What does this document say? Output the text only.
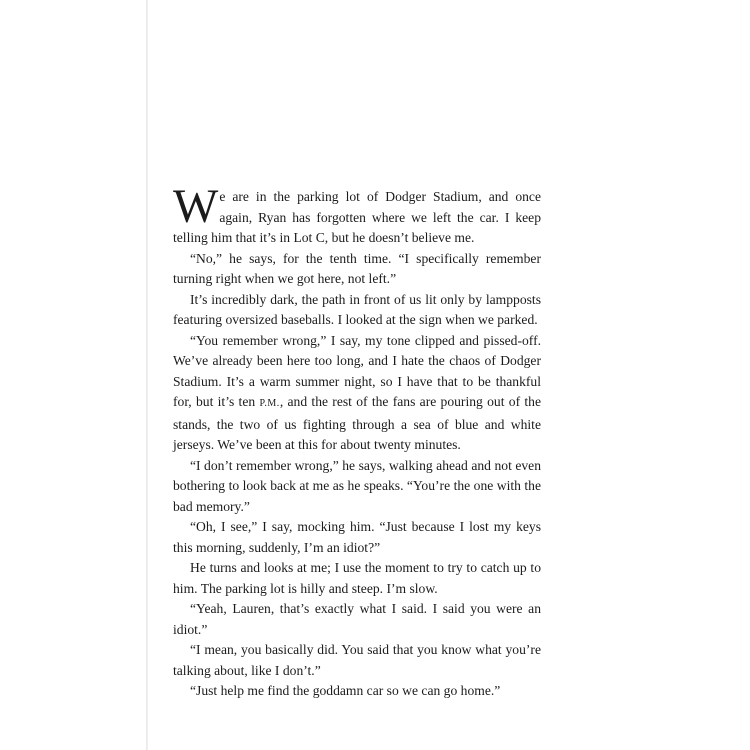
We are in the parking lot of Dodger Stadium, and once again, Ryan has forgotten where we left the car. I keep telling him that it’s in Lot C, but he doesn’t believe me.

“No,” he says, for the tenth time. “I specifically remember turning right when we got here, not left.”

It’s incredibly dark, the path in front of us lit only by lampposts featuring oversized baseballs. I looked at the sign when we parked.

“You remember wrong,” I say, my tone clipped and pissed-off. We’ve already been here too long, and I hate the chaos of Dodger Stadium. It’s a warm summer night, so I have that to be thankful for, but it’s ten P.M., and the rest of the fans are pouring out of the stands, the two of us fighting through a sea of blue and white jerseys. We’ve been at this for about twenty minutes.

“I don’t remember wrong,” he says, walking ahead and not even bothering to look back at me as he speaks. “You’re the one with the bad memory.”

“Oh, I see,” I say, mocking him. “Just because I lost my keys this morning, suddenly, I’m an idiot?”

He turns and looks at me; I use the moment to try to catch up to him. The parking lot is hilly and steep. I’m slow.

“Yeah, Lauren, that’s exactly what I said. I said you were an idiot.”

“I mean, you basically did. You said that you know what you’re talking about, like I don’t.”

“Just help me find the goddamn car so we can go home.”
